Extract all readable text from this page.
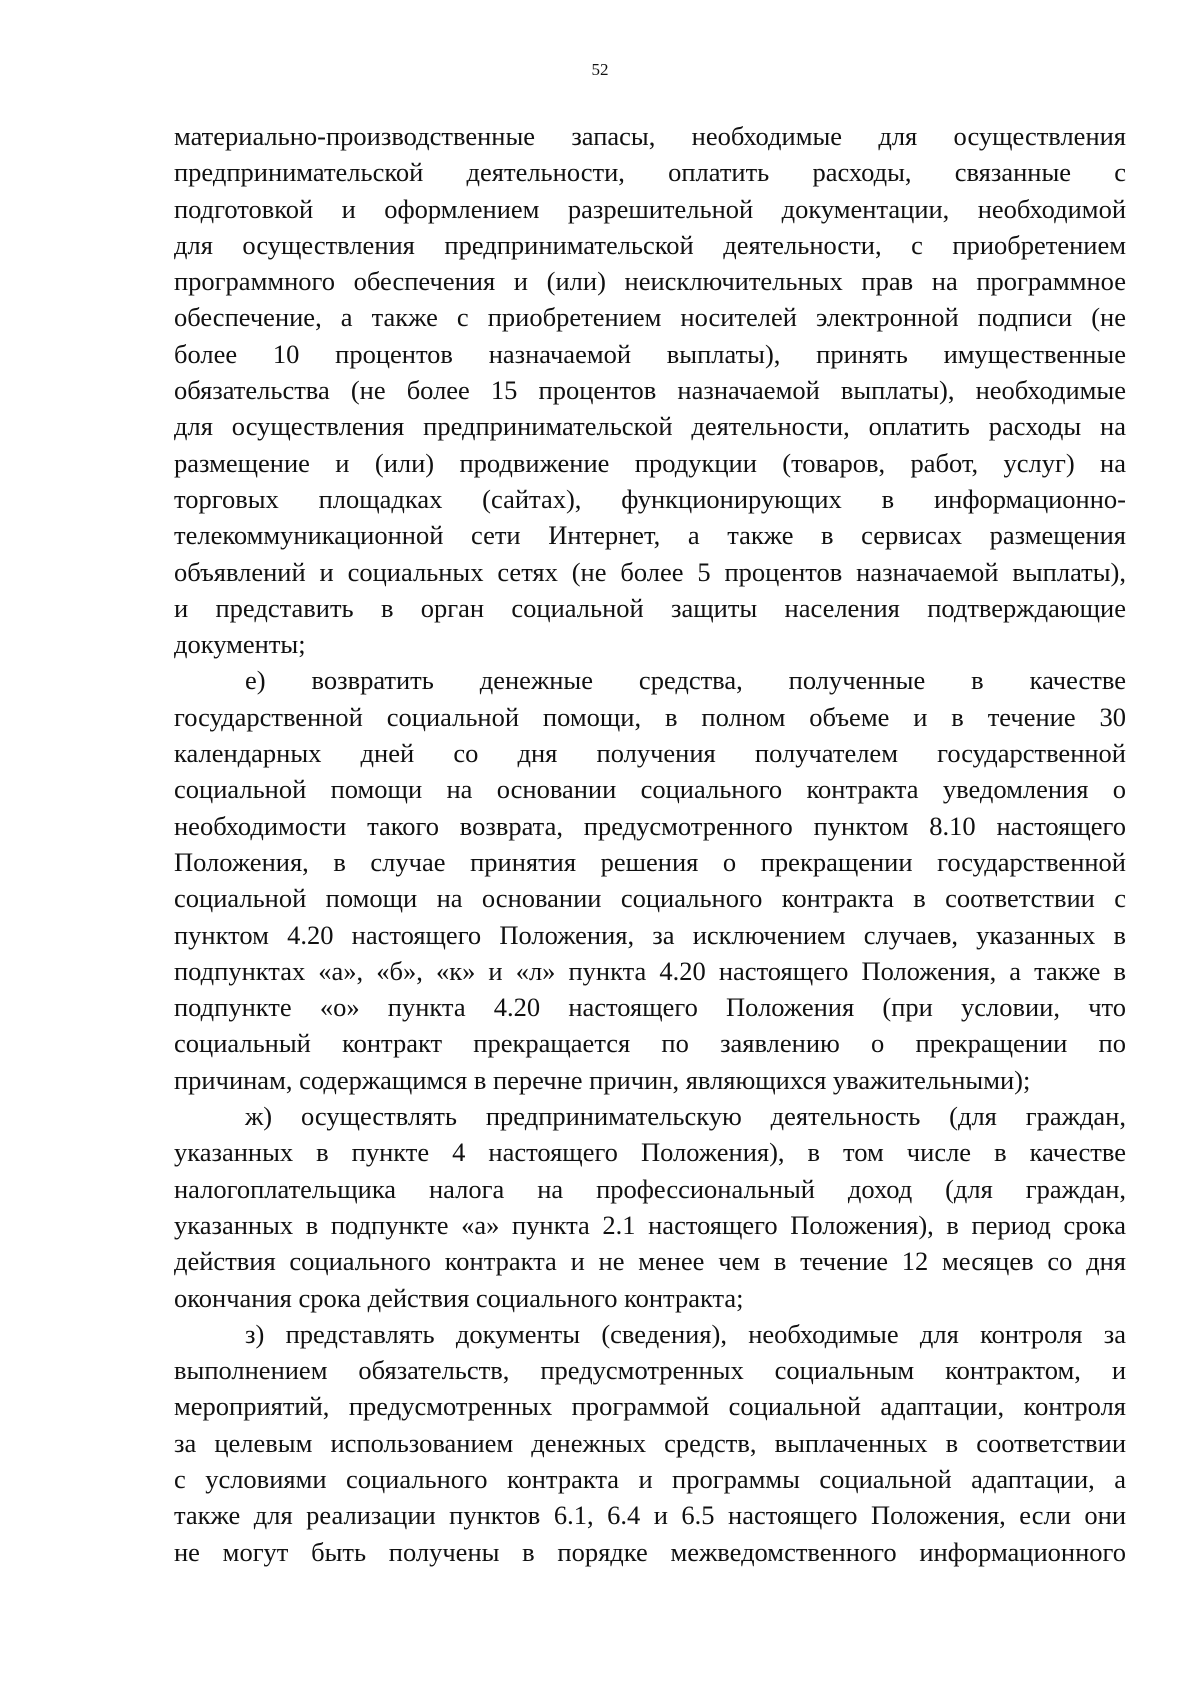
52
материально-производственные запасы, необходимые для осуществления
предпринимательской деятельности, оплатить расходы, связанные с
подготовкой и оформлением разрешительной документации, необходимой
для осуществления предпринимательской деятельности, с приобретением
программного обеспечения и (или) неисключительных прав на программное
обеспечение, а также с приобретением носителей электронной подписи (не
более 10 процентов назначаемой выплаты), принять имущественные
обязательства (не более 15 процентов назначаемой выплаты), необходимые
для осуществления предпринимательской деятельности, оплатить расходы на
размещение и (или) продвижение продукции (товаров, работ, услуг) на
торговых площадках (сайтах), функционирующих в информационно-
телекоммуникационной сети Интернет, а также в сервисах размещения
объявлений и социальных сетях (не более 5 процентов назначаемой выплаты),
и представить в орган социальной защиты населения подтверждающие
документы;
е) возвратить денежные средства, полученные в качестве
государственной социальной помощи, в полном объеме и в течение 30
календарных дней со дня получения получателем государственной
социальной помощи на основании социального контракта уведомления о
необходимости такого возврата, предусмотренного пунктом 8.10 настоящего
Положения, в случае принятия решения о прекращении государственной
социальной помощи на основании социального контракта в соответствии с
пунктом 4.20 настоящего Положения, за исключением случаев, указанных в
подпунктах «а», «б», «к» и «л» пункта 4.20 настоящего Положения, а также в
подпункте «о» пункта 4.20 настоящего Положения (при условии, что
социальный контракт прекращается по заявлению о прекращении по
причинам, содержащимся в перечне причин, являющихся уважительными);
ж) осуществлять предпринимательскую деятельность (для граждан,
указанных в пункте 4 настоящего Положения), в том числе в качестве
налогоплательщика налога на профессиональный доход (для граждан,
указанных в подпункте «а» пункта 2.1 настоящего Положения), в период срока
действия социального контракта и не менее чем в течение 12 месяцев со дня
окончания срока действия социального контракта;
з) представлять документы (сведения), необходимые для контроля за
выполнением обязательств, предусмотренных социальным контрактом, и
мероприятий, предусмотренных программой социальной адаптации, контроля
за целевым использованием денежных средств, выплаченных в соответствии
с условиями социального контракта и программы социальной адаптации, а
также для реализации пунктов 6.1, 6.4 и 6.5 настоящего Положения, если они
не могут быть получены в порядке межведомственного информационного
